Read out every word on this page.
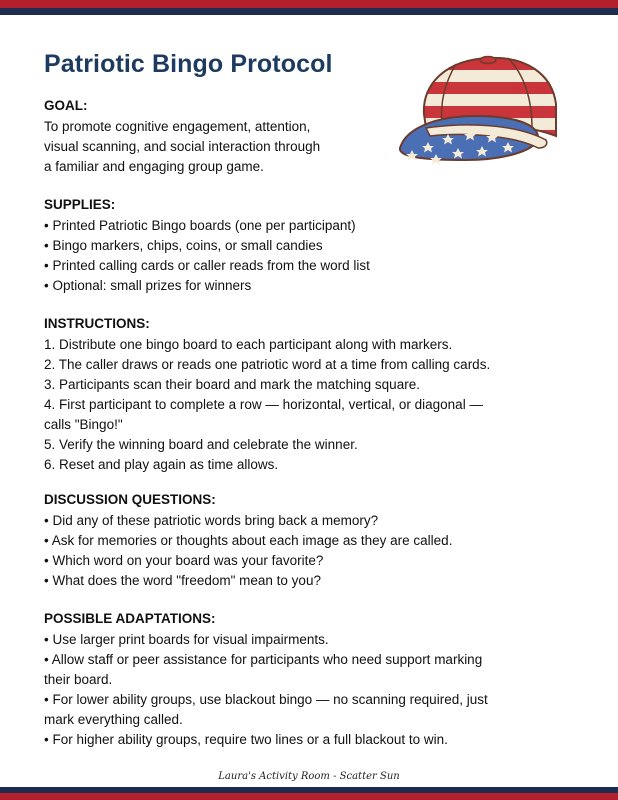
Patriotic Bingo Protocol
GOAL:
To promote cognitive engagement, attention,
visual scanning, and social interaction through
a familiar and engaging group game.
SUPPLIES:

• Printed Patriotic Bingo boards (one per participant)

• Bingo markers, chips, coins, or small candies

• Printed calling cards or caller reads from the word list

• Optional: small prizes for winners

INSTRUCTIONS:

1. Distribute one bingo board to each participant along with markers.

2. The caller draws or reads one patriotic word at a time from calling cards.

3. Participants scan their board and mark the matching square.

4. First participant to complete a row — horizontal, vertical, or diagonal —

calls "Bingo!"

5. Verify the winning board and celebrate the winner.

6. Reset and play again as time allows.

DISCUSSION QUESTIONS:

• Did any of these patriotic words bring back a memory?

• Ask for memories or thoughts about each image as they are called.

• Which word on your board was your favorite?

• What does the word "freedom" mean to you?

POSSIBLE ADAPTATIONS:

• Use larger print boards for visual impairments.

• Allow staff or peer assistance for participants who need support marking

their board.

• For lower ability groups, use blackout bingo — no scanning required, just

mark everything called.

• For higher ability groups, require two lines or a full blackout to win.

Laura's Activity Room - Scatter Sun
